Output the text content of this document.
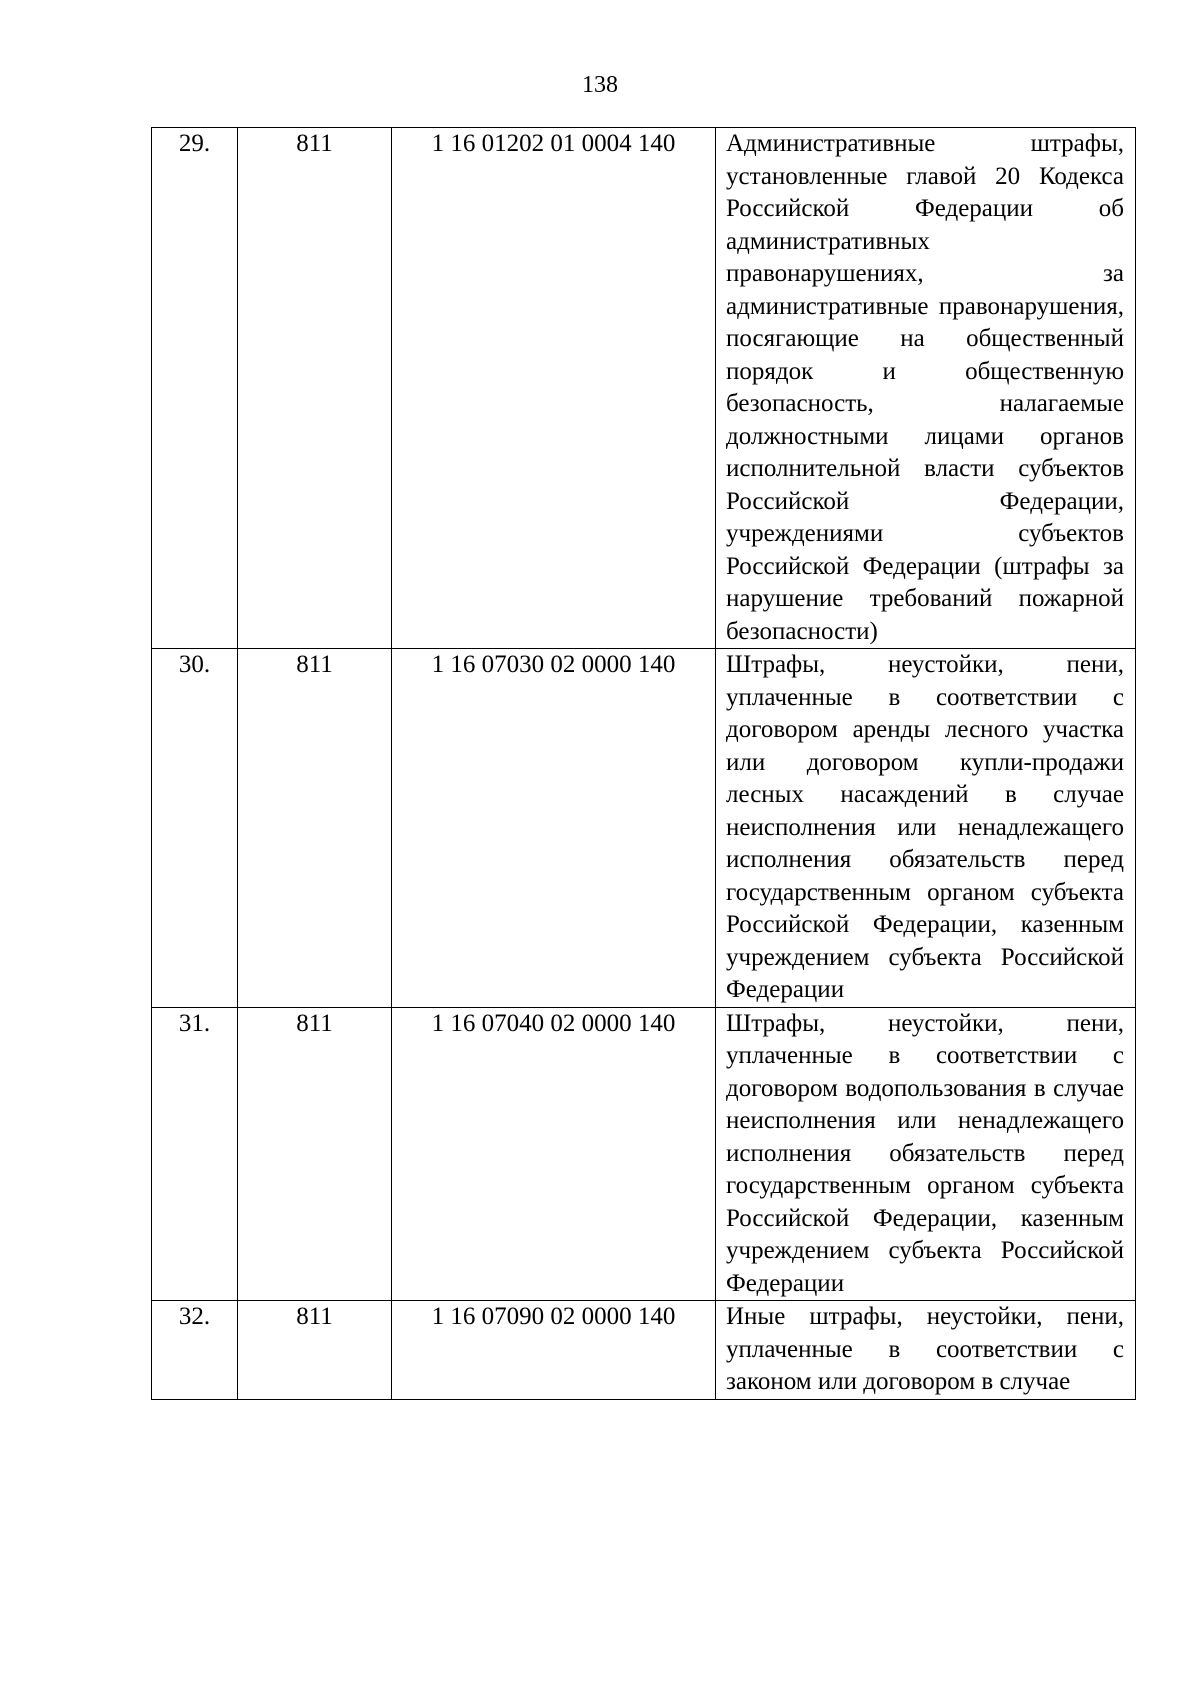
138
29.	811	1 16 01202 01 0004 140	Административные штрафы, установленные главой 20 Кодекса Российской Федерации об административных правонарушениях, за административные правонарушения, посягающие на общественный порядок и общественную безопасность, налагаемые должностными лицами органов исполнительной власти субъектов Российской Федерации, учреждениями субъектов Российской Федерации (штрафы за нарушение требований пожарной безопасности)

30.	811	1 16 07030 02 0000 140	Штрафы, неустойки, пени, уплаченные в соответствии с договором аренды лесного участка или договором купли-продажи лесных насаждений в случае неисполнения или ненадлежащего исполнения обязательств перед государственным органом субъекта Российской Федерации, казенным учреждением субъекта Российской Федерации

31.	811	1 16 07040 02 0000 140	Штрафы, неустойки, пени, уплаченные в соответствии с договором водопользования в случае неисполнения или ненадлежащего исполнения обязательств перед государственным органом субъекта Российской Федерации, казенным учреждением субъекта Российской Федерации

32.	811	1 16 07090 02 0000 140	Иные штрафы, неустойки, пени, уплаченные в соответствии с законом или договором в случае
